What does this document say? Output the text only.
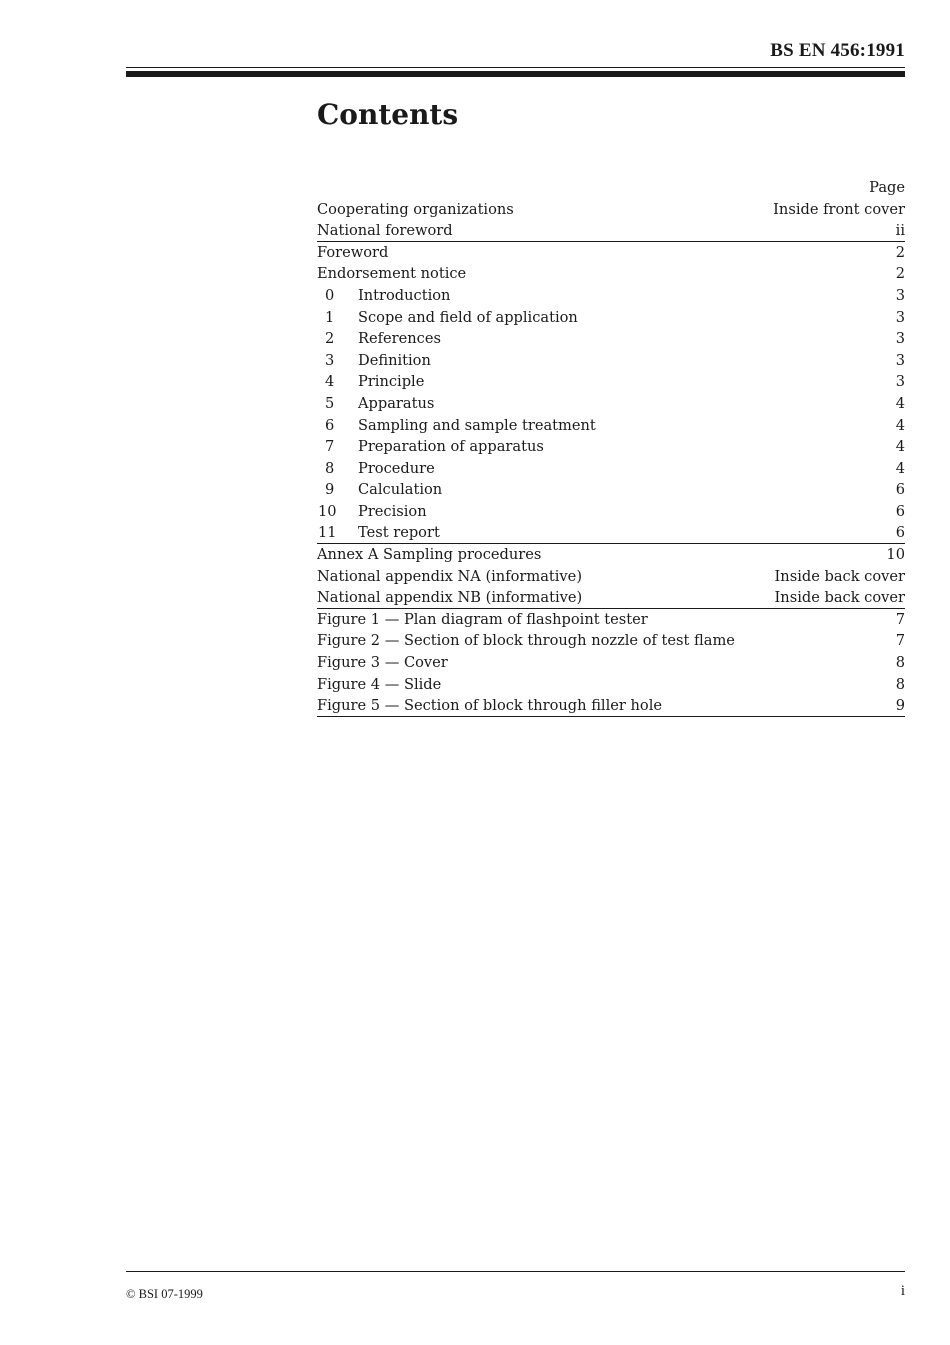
BS EN 456:1991
Contents
Page
Cooperating organizations	Inside front cover
National foreword	ii
Foreword	2
Endorsement notice	2
0	Introduction	3
1	Scope and field of application	3
2	References	3
3	Definition	3
4	Principle	3
5	Apparatus	4
6	Sampling and sample treatment	4
7	Preparation of apparatus	4
8	Procedure	4
9	Calculation	6
10	Precision	6
11	Test report	6
Annex A Sampling procedures	10
National appendix NA (informative)	Inside back cover
National appendix NB (informative)	Inside back cover
Figure 1 — Plan diagram of flashpoint tester	7
Figure 2 — Section of block through nozzle of test flame	7
Figure 3 — Cover	8
Figure 4 — Slide	8
Figure 5 — Section of block through filler hole	9
© BSI 07-1999	i
